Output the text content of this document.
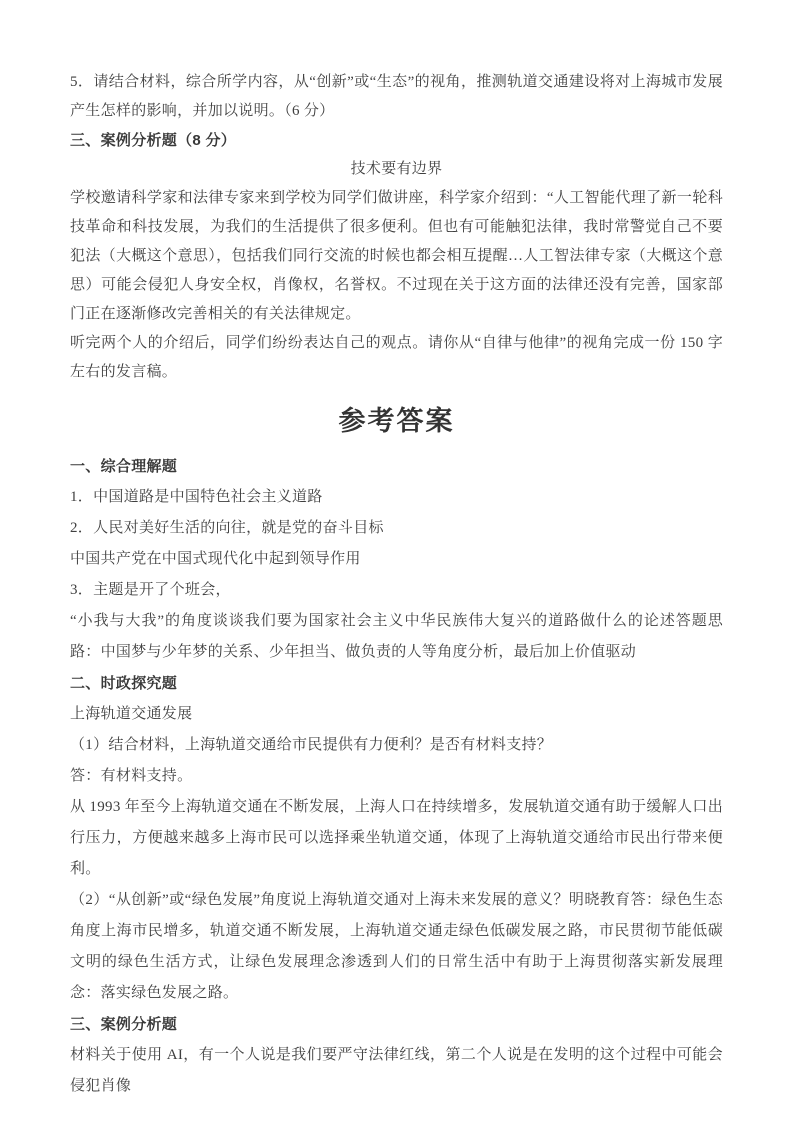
5．请结合材料，综合所学内容，从“创新”或“生态”的视角，推测轨道交通建设将对上海城市发展产生怎样的影响，并加以说明。（6 分）

三、案例分析题（8 分）

技术要有边界

学校邀请科学家和法律专家来到学校为同学们做讲座，科学家介绍到：“人工智能代理了新一轮科技革命和科技发展，为我们的生活提供了很多便利。但也有可能触犯法律，我时常警觉自己不要犯法（大概这个意思），包括我们同行交流的时候也都会相互提醒…人工智法律专家（大概这个意思）可能会侵犯人身安全权，肖像权，名誉权。不过现在关于这方面的法律还没有完善，国家部门正在逐渐修改完善相关的有关法律规定。

听完两个人的介绍后，同学们纷纷表达自己的观点。请你从“自律与他律”的视角完成一份 150 字左右的发言稿。

参考答案

一、综合理解题

1．中国道路是中国特色社会主义道路

2．人民对美好生活的向往，就是党的奋斗目标

中国共产党在中国式现代化中起到领导作用

3．主题是开了个班会，

“小我与大我”的角度谈谈我们要为国家社会主义中华民族伟大复兴的道路做什么的论述答题思路：中国梦与少年梦的关系、少年担当、做负责的人等角度分析，最后加上价值驱动

二、时政探究题

上海轨道交通发展

（1）结合材料，上海轨道交通给市民提供有力便利？是否有材料支持？

答：有材料支持。

从 1993 年至今上海轨道交通在不断发展，上海人口在持续增多，发展轨道交通有助于缓解人口出行压力，方便越来越多上海市民可以选择乘坐轨道交通，体现了上海轨道交通给市民出行带来便利。

（2）“从创新”或“绿色发展”角度说上海轨道交通对上海未来发展的意义？明晓教育答：绿色生态角度上海市民增多，轨道交通不断发展，上海轨道交通走绿色低碳发展之路，市民贯彻节能低碳文明的绿色生活方式，让绿色发展理念渗透到人们的日常生活中有助于上海贯彻落实新发展理念：落实绿色发展之路。

三、案例分析题

材料关于使用 AI，有一个人说是我们要严守法律红线，第二个人说是在发明的这个过程中可能会侵犯肖像
